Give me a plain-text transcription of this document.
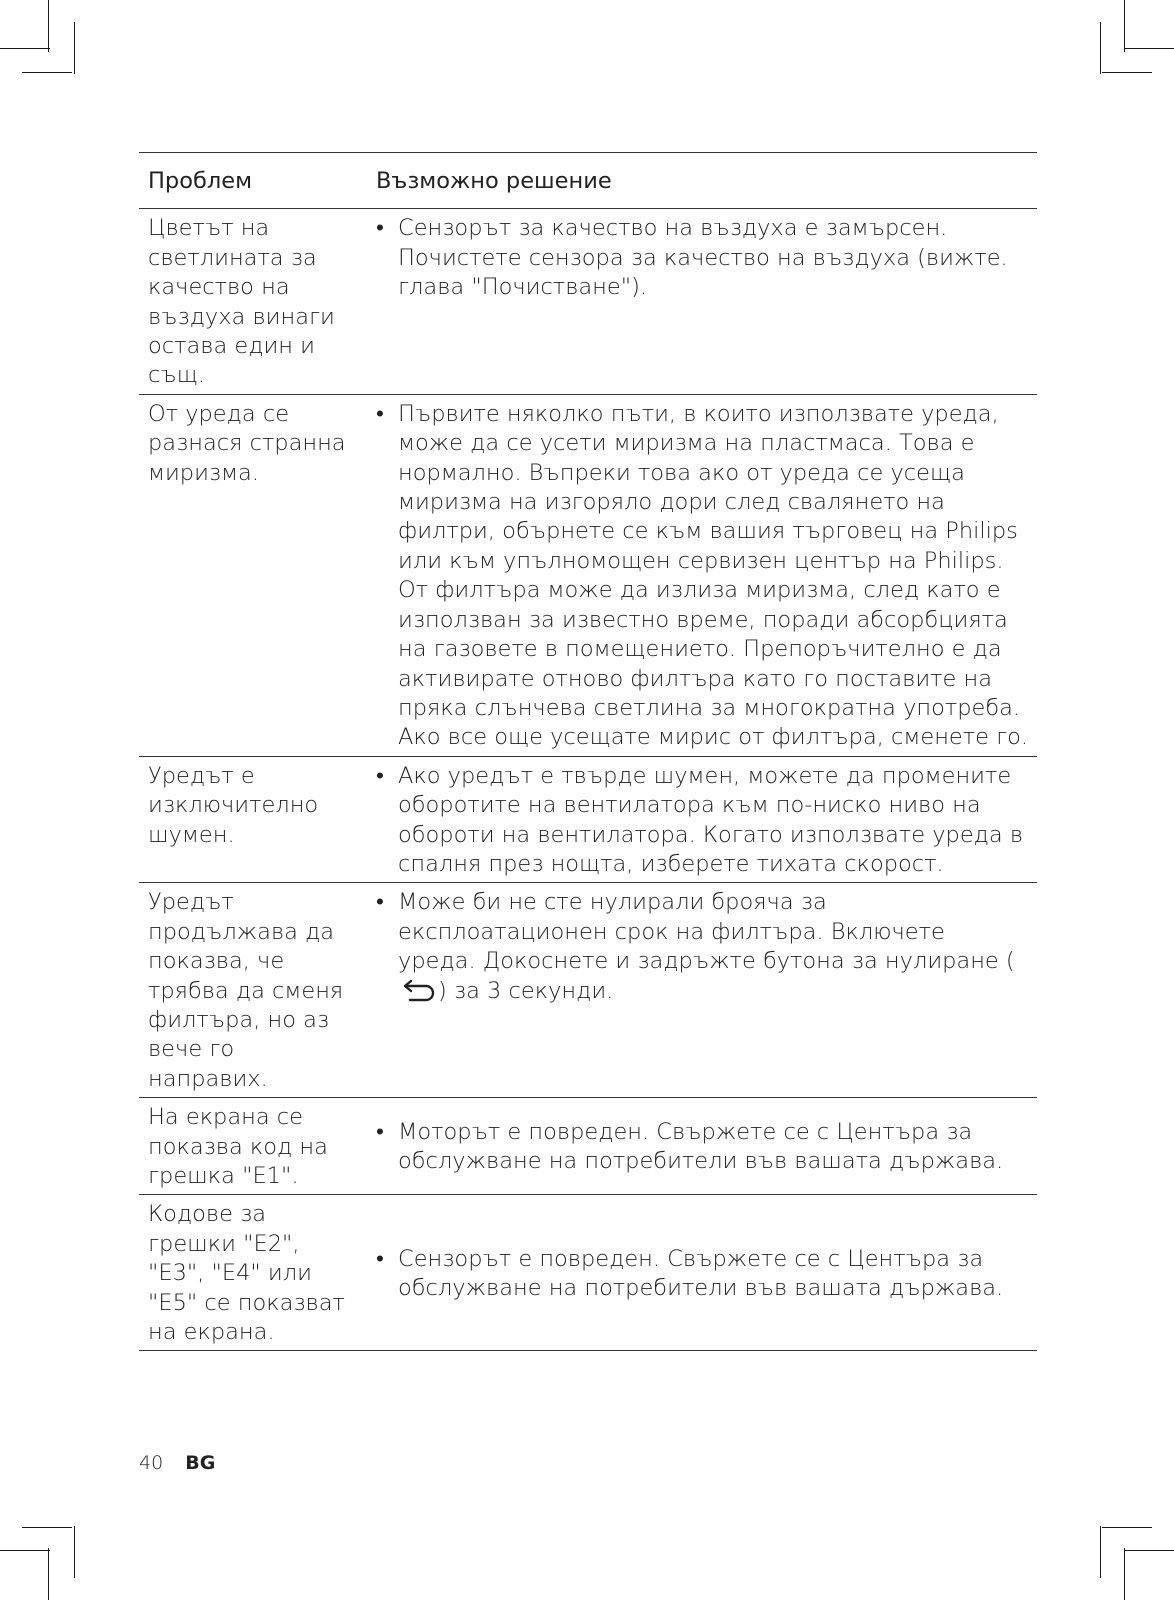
Проблем	Възможно решение
Цветът на светлината за качество на въздуха винаги остава един и същ.	• Сензорът за качество на въздуха е замърсен. Почистете сензора за качество на въздуха (вижте. глава "Почистване").

От уреда се разнася странна миризма.	• Първите няколко пъти, в които използвате уреда, може да се усети миризма на пластмаса. Това е нормално. Въпреки това ако от уреда се усеща миризма на изгоряло дори след свалянето на филтри, обърнете се към вашия търговец на Philips или към упълномощен сервизен център на Philips. От филтъра може да излиза миризма, след като е използван за известно време, поради абсорбцията на газовете в помещението. Препоръчително е да активирате отново филтъра като го поставите на пряка слънчева светлина за многократна употреба. Ако все още усещате мирис от филтъра, сменете го.

Уредът е изключително шумен.	• Ако уредът е твърде шумен, можете да промените оборотите на вентилатора към по-ниско ниво на обороти на вентилатора. Когато използвате уреда в спалня през нощта, изберете тихата скорост.

Уредът продължава да показва, че трябва да сменя филтъра, но аз вече го направих.	• Може би не сте нулирали брояча за експлоатационен срок на филтъра. Включете уреда. Докоснете и задръжте бутона за нулиране () за 3 секунди.

На екрана се показва код на грешка "E1".	• Моторът е повреден. Свържете се с Центъра за обслужване на потребители във вашата държава.

Кодове за грешки "E2", "E3", "E4" или "E5" се показват на екрана.	• Сензорът е повреден. Свържете се с Центъра за обслужване на потребители във вашата държава.
40 BG
